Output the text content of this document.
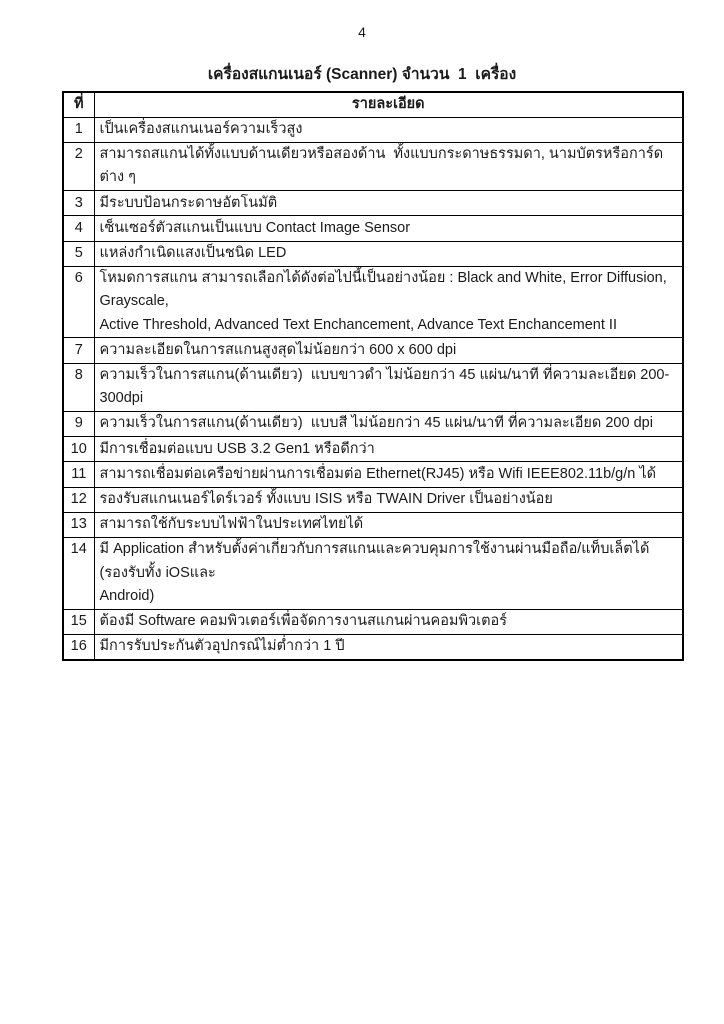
4
เครื่องสแกนเนอร์ (Scanner) จำนวน  1  เครื่อง
ที่	รายละเอียด
1	เป็นเครื่องสแกนเนอร์ความเร็วสูง

2	สามารถสแกนได้ทั้งแบบด้านเดียวหรือสองด้าน  ทั้งแบบกระดาษธรรมดา, นามบัตรหรือการ์ดต่าง ๆ

3	มีระบบป้อนกระดาษอัตโนมัติ

4	เซ็นเซอร์ตัวสแกนเป็นแบบ Contact Image Sensor

5	แหล่งกำเนิดแสงเป็นชนิด LED

6	โหมดการสแกน สามารถเลือกได้ดังต่อไปนี้เป็นอย่างน้อย : Black and White, Error Diffusion, Grayscale,
Active Threshold, Advanced Text Enchancement, Advance Text Enchancement II

7	ความละเอียดในการสแกนสูงสุดไม่น้อยกว่า 600 x 600 dpi

8	ความเร็วในการสแกน(ด้านเดียว)  แบบขาวดำ ไม่น้อยกว่า 45 แผ่น/นาที ที่ความละเอียด 200-300dpi

9	ความเร็วในการสแกน(ด้านเดียว)  แบบสี ไม่น้อยกว่า 45 แผ่น/นาที ที่ความละเอียด 200 dpi

10	มีการเชื่อมต่อแบบ USB 3.2 Gen1 หรือดีกว่า

11	สามารถเชื่อมต่อเครือข่ายผ่านการเชื่อมต่อ Ethernet(RJ45) หรือ Wifi IEEE802.11b/g/n ได้

12	รองรับสแกนเนอร์ไดร์เวอร์ ทั้งแบบ ISIS หรือ TWAIN Driver เป็นอย่างน้อย

13	สามารถใช้กับระบบไฟฟ้าในประเทศไทยได้

14	มี Application สำหรับตั้งค่าเกี่ยวกับการสแกนและควบคุมการใช้งานผ่านมือถือ/แท็บเล็ตได้ (รองรับทั้ง iOSและ
Android)

15	ต้องมี Software คอมพิวเตอร์เพื่อจัดการงานสแกนผ่านคอมพิวเตอร์

16	มีการรับประกันตัวอุปกรณ์ไม่ต่ำกว่า 1 ปี
